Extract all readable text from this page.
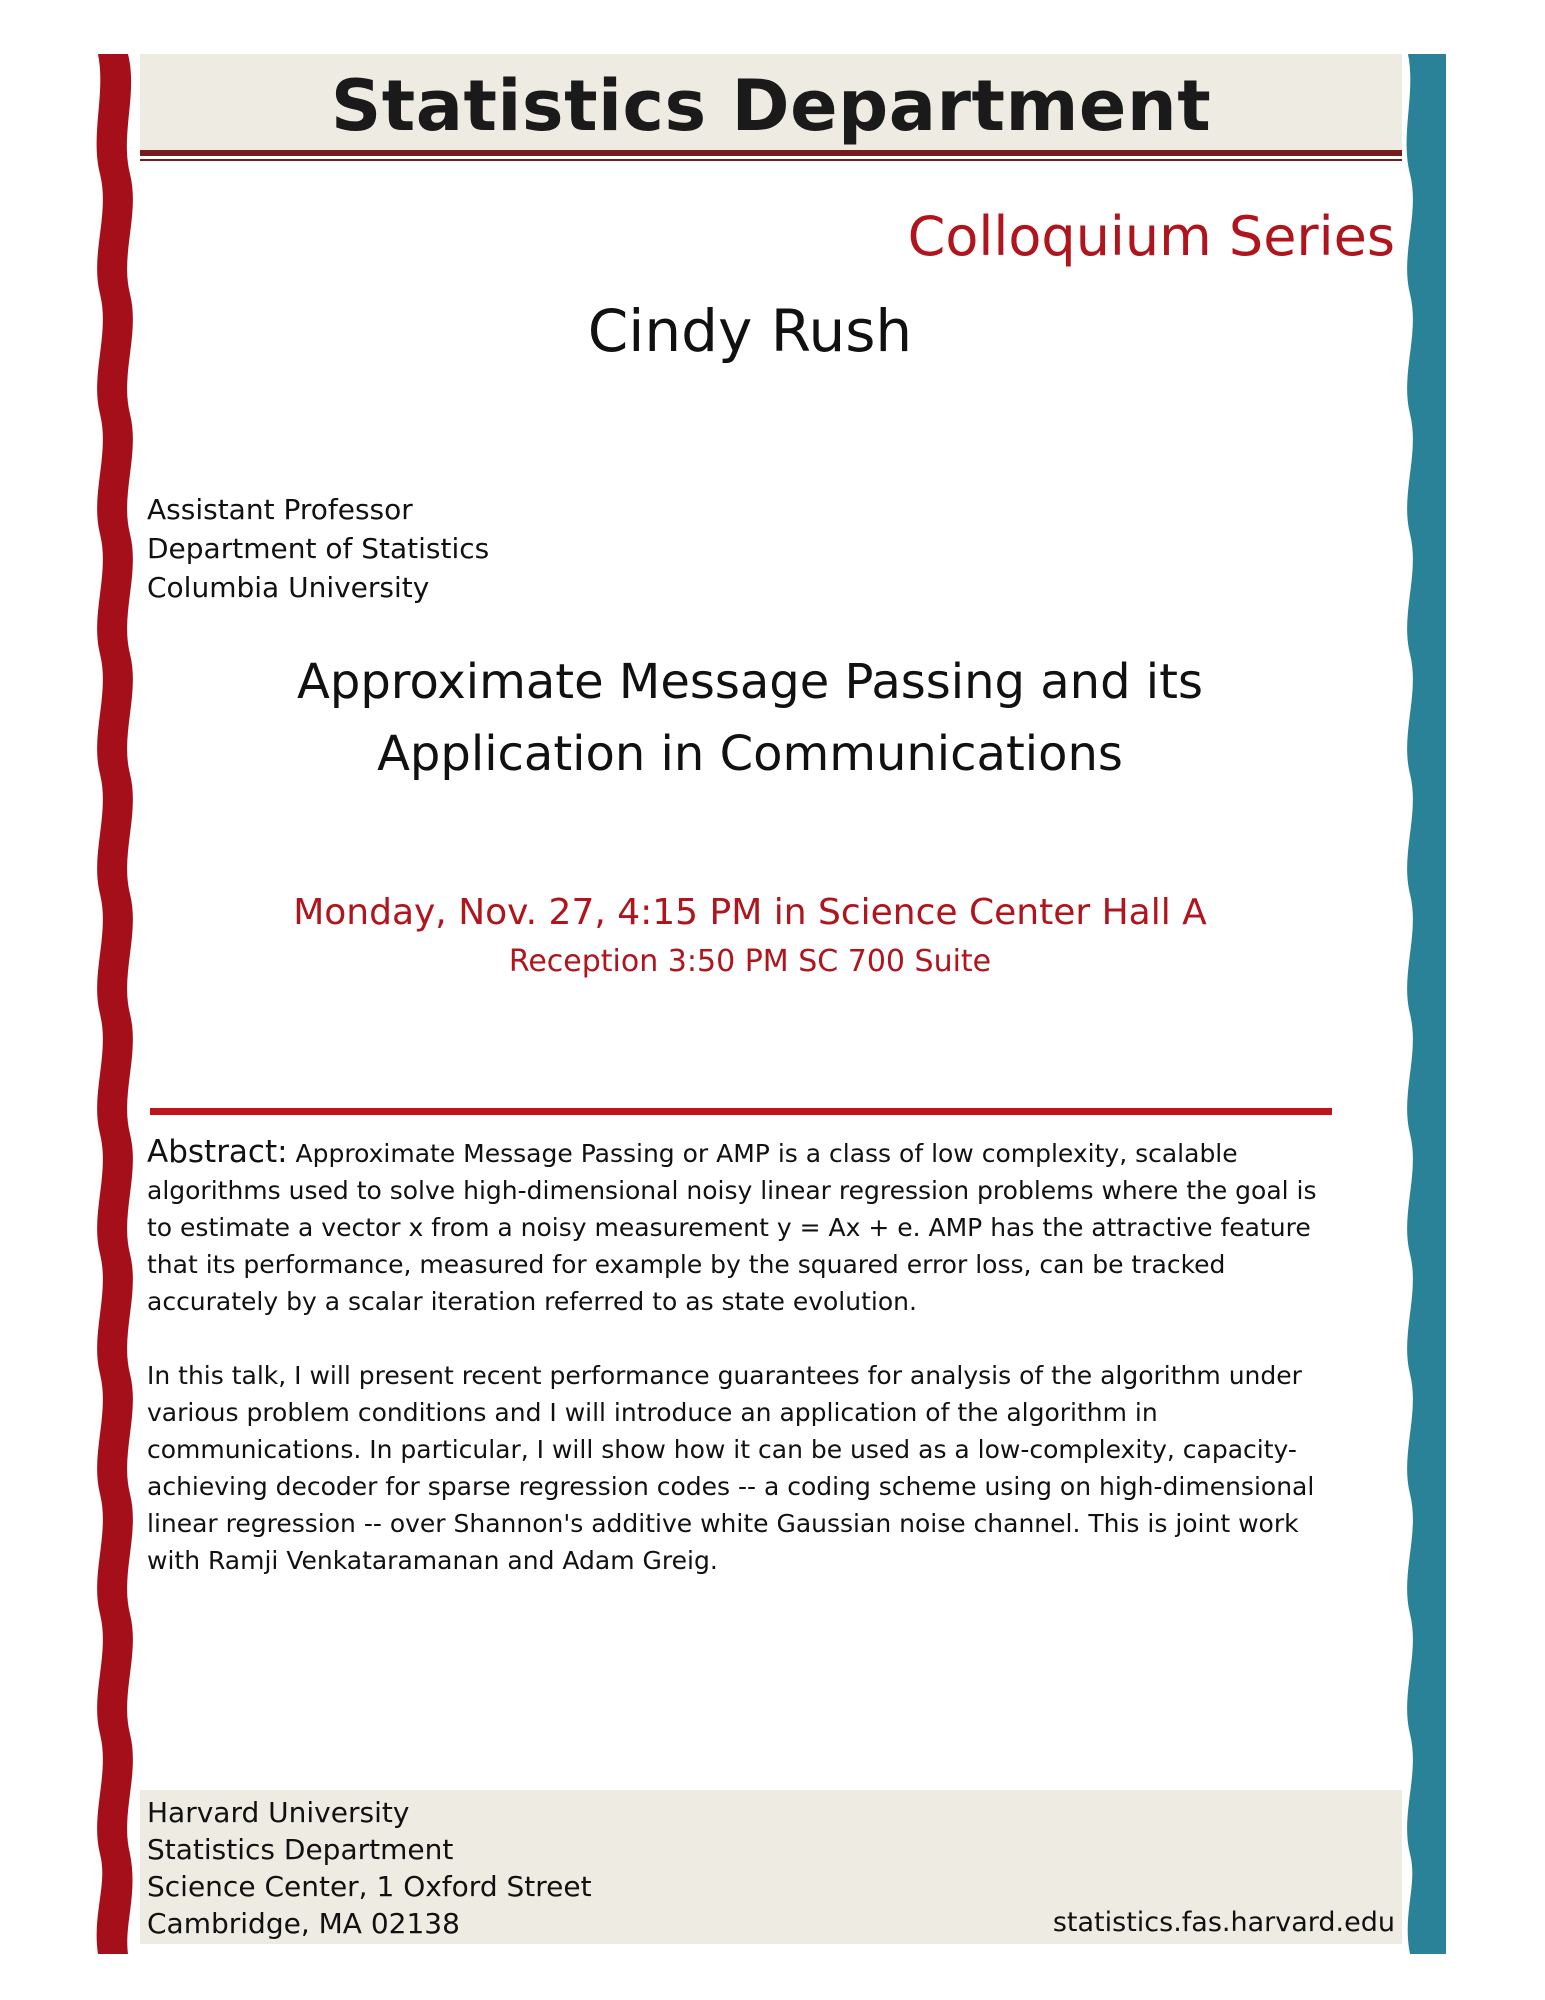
Statistics Department
Colloquium Series
Cindy Rush
Assistant Professor
Department of Statistics
Columbia University
Approximate Message Passing and its
Application in Communications
Monday, Nov. 27, 4:15 PM in Science Center Hall A
Reception 3:50 PM SC 700 Suite

Abstract: Approximate Message Passing or AMP is a class of low complexity, scalable algorithms used to solve high-dimensional noisy linear regression problems where the goal is to estimate a vector x from a noisy measurement y = Ax + e. AMP has the attractive feature that its performance, measured for example by the squared error loss, can be tracked accurately by a scalar iteration referred to as state evolution.

In this talk, I will present recent performance guarantees for analysis of the algorithm under various problem conditions and I will introduce an application of the algorithm in communications. In particular, I will show how it can be used as a low-complexity, capacity-achieving decoder for sparse regression codes -- a coding scheme using on high-dimensional linear regression -- over Shannon's additive white Gaussian noise channel. This is joint work with Ramji Venkataramanan and Adam Greig.

Harvard University
Statistics Department
Science Center, 1 Oxford Street
Cambridge, MA 02138	statistics.fas.harvard.edu
